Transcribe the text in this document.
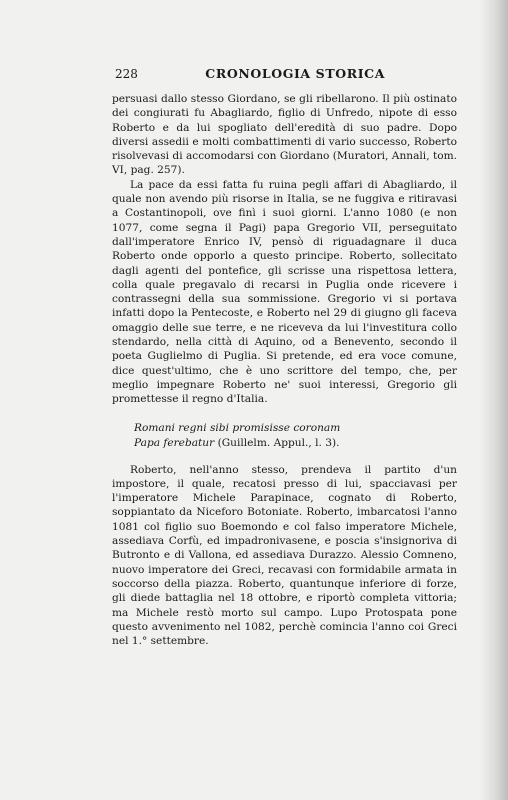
228	CRONOLOGIA STORICA

persuasi dallo stesso Giordano, se gli ribellarono. Il più ostinato dei congiurati fu Abagliardo, figlio di Unfredo, nipote di esso Roberto e da lui spogliato dell'eredità di suo padre. Dopo diversi assedii e molti combattimenti di vario successo, Roberto risolvevasi di accomodarsi con Giordano (Muratori, Annali, tom. VI, pag. 257).

La pace da essi fatta fu ruina pegli affari di Abagliardo, il quale non avendo più risorse in Italia, se ne fuggiva e ritiravasi a Costantinopoli, ove finì i suoi giorni. L'anno 1080 (e non 1077, come segna il Pagi) papa Gregorio VII, perseguitato dall'imperatore Enrico IV, pensò di riguadagnare il duca Roberto onde opporlo a questo principe. Roberto, sollecitato dagli agenti del pontefice, gli scrisse una rispettosa lettera, colla quale pregavalo di recarsi in Puglia onde ricevere i contrassegni della sua sommissione. Gregorio vi si portava infatti dopo la Pentecoste, e Roberto nel 29 di giugno gli faceva omaggio delle sue terre, e ne riceveva da lui l'investitura collo stendardo, nella città di Aquino, od a Benevento, secondo il poeta Guglielmo di Puglia. Si pretende, ed era voce comune, dice quest'ultimo, che è uno scrittore del tempo, che, per meglio impegnare Roberto ne' suoi interessi, Gregorio gli promettesse il regno d'Italia.

Romani regni sibi promisisse coronam
Papa ferebatur (Guillelm. Appul., l. 3).

Roberto, nell'anno stesso, prendeva il partito d'un impostore, il quale, recatosi presso di lui, spacciavasi per l'imperatore Michele Parapinace, cognato di Roberto, soppiantato da Niceforo Botoniate. Roberto, imbarcatosi l'anno 1081 col figlio suo Boemondo e col falso imperatore Michele, assediava Corfù, ed impadronivasene, e poscia s'insignoriva di Butronto e di Vallona, ed assediava Durazzo. Alessio Comneno, nuovo imperatore dei Greci, recavasi con formidabile armata in soccorso della piazza. Roberto, quantunque inferiore di forze, gli diede battaglia nel 18 ottobre, e riportò completa vittoria; ma Michele restò morto sul campo. Lupo Protospata pone questo avvenimento nel 1082, perchè comincia l'anno coi Greci nel 1.° settembre.
